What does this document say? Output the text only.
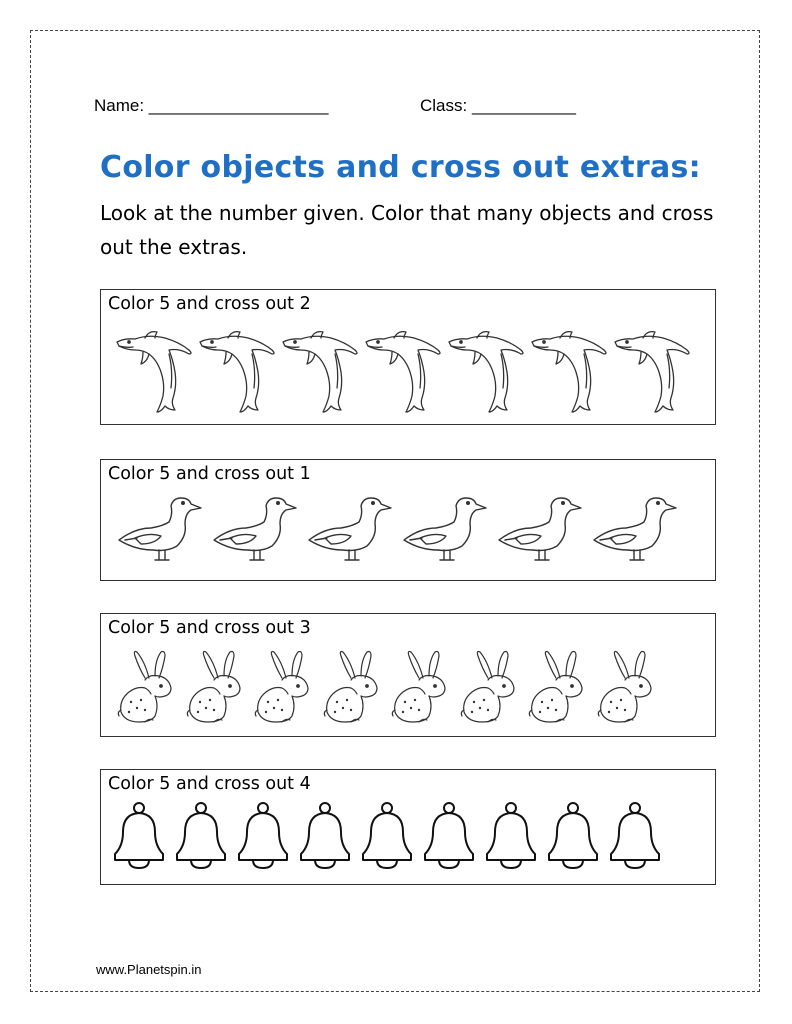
Name: ___________________	Class: ___________
Color objects and cross out extras:
Look at the number given. Color that many objects and cross out the extras.
Color 5 and cross out 2
Color 5 and cross out 1
Color 5 and cross out 3
Color 5 and cross out 4
www.Planetspin.in
